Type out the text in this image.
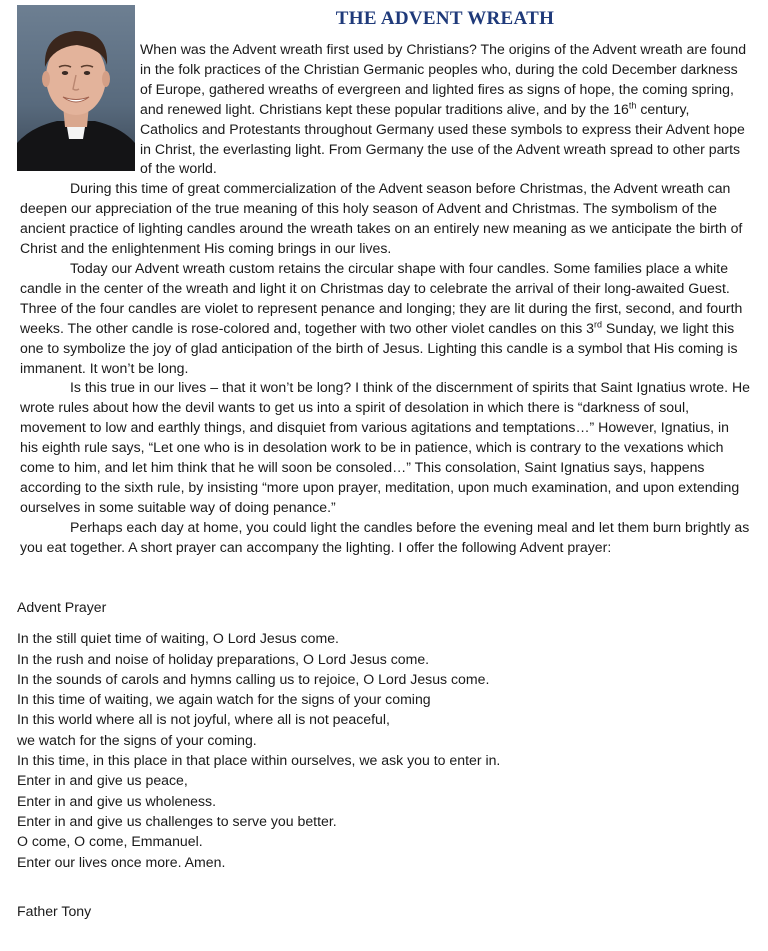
THE ADVENT WREATH

When was the Advent wreath first used by Christians? The origins of the Advent wreath are found in the folk practices of the Christian Germanic peoples who, during the cold December darkness of Europe, gathered wreaths of evergreen and lighted fires as signs of hope, the coming spring, and renewed light. Christians kept these popular traditions alive, and by the 16th century, Catholics and Protestants throughout Germany used these symbols to express their Advent hope in Christ, the everlasting light. From Germany the use of the Advent wreath spread to other parts of the world.

During this time of great commercialization of the Advent season before Christmas, the Advent wreath can deepen our appreciation of the true meaning of this holy season of Advent and Christmas. The symbolism of the ancient practice of lighting candles around the wreath takes on an entirely new meaning as we anticipate the birth of Christ and the enlightenment His coming brings in our lives.

Today our Advent wreath custom retains the circular shape with four candles. Some families place a white candle in the center of the wreath and light it on Christmas day to celebrate the arrival of their long-awaited Guest. Three of the four candles are violet to represent penance and longing; they are lit during the first, second, and fourth weeks. The other candle is rose-colored and, together with two other violet candles on this 3rd Sunday, we light this one to symbolize the joy of glad anticipation of the birth of Jesus. Lighting this candle is a symbol that His coming is immanent. It won’t be long.

Is this true in our lives – that it won’t be long? I think of the discernment of spirits that Saint Ignatius wrote. He wrote rules about how the devil wants to get us into a spirit of desolation in which there is “darkness of soul, movement to low and earthly things, and disquiet from various agitations and temptations…” However, Ignatius, in his eighth rule says, “Let one who is in desolation work to be in patience, which is contrary to the vexations which come to him, and let him think that he will soon be consoled…” This consolation, Saint Ignatius says, happens according to the sixth rule, by insisting “more upon prayer, meditation, upon much examination, and upon extending ourselves in some suitable way of doing penance.”

Perhaps each day at home, you could light the candles before the evening meal and let them burn brightly as you eat together. A short prayer can accompany the lighting. I offer the following Advent prayer:

Advent Prayer

In the still quiet time of waiting, O Lord Jesus come.

In the rush and noise of holiday preparations, O Lord Jesus come.

In the sounds of carols and hymns calling us to rejoice, O Lord Jesus come.

In this time of waiting, we again watch for the signs of your coming

In this world where all is not joyful, where all is not peaceful,

we watch for the signs of your coming.

In this time, in this place in that place within ourselves, we ask you to enter in.

Enter in and give us peace,

Enter in and give us wholeness.

Enter in and give us challenges to serve you better.

O come, O come, Emmanuel.

Enter our lives once more. Amen.

Father Tony
